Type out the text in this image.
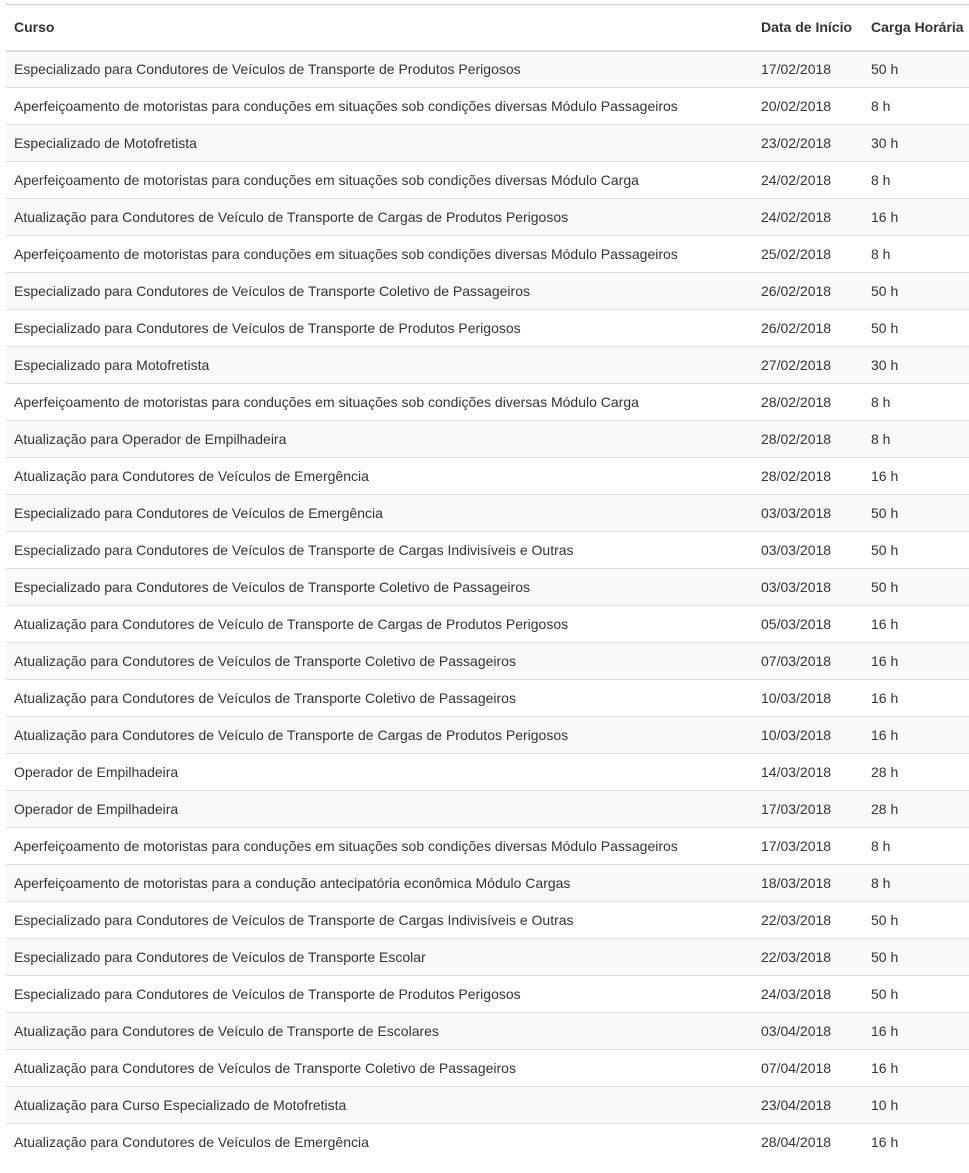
Curso	Data de Início	Carga Horária
Especializado para Condutores de Veículos de Transporte de Produtos Perigosos	17/02/2018	50 h
Aperfeiçoamento de motoristas para conduções em situações sob condições diversas Módulo Passageiros	20/02/2018	8 h
Especializado de Motofretista	23/02/2018	30 h
Aperfeiçoamento de motoristas para conduções em situações sob condições diversas Módulo Carga	24/02/2018	8 h
Atualização para Condutores de Veículo de Transporte de Cargas de Produtos Perigosos	24/02/2018	16 h
Aperfeiçoamento de motoristas para conduções em situações sob condições diversas Módulo Passageiros	25/02/2018	8 h
Especializado para Condutores de Veículos de Transporte Coletivo de Passageiros	26/02/2018	50 h
Especializado para Condutores de Veículos de Transporte de Produtos Perigosos	26/02/2018	50 h
Especializado para Motofretista	27/02/2018	30 h
Aperfeiçoamento de motoristas para conduções em situações sob condições diversas Módulo Carga	28/02/2018	8 h
Atualização para Operador de Empilhadeira	28/02/2018	8 h
Atualização para Condutores de Veículos de Emergência	28/02/2018	16 h
Especializado para Condutores de Veículos de Emergência	03/03/2018	50 h
Especializado para Condutores de Veículos de Transporte de Cargas Indivisíveis e Outras	03/03/2018	50 h
Especializado para Condutores de Veículos de Transporte Coletivo de Passageiros	03/03/2018	50 h
Atualização para Condutores de Veículo de Transporte de Cargas de Produtos Perigosos	05/03/2018	16 h
Atualização para Condutores de Veículos de Transporte Coletivo de Passageiros	07/03/2018	16 h
Atualização para Condutores de Veículos de Transporte Coletivo de Passageiros	10/03/2018	16 h
Atualização para Condutores de Veículo de Transporte de Cargas de Produtos Perigosos	10/03/2018	16 h
Operador de Empilhadeira	14/03/2018	28 h
Operador de Empilhadeira	17/03/2018	28 h
Aperfeiçoamento de motoristas para conduções em situações sob condições diversas Módulo Passageiros	17/03/2018	8 h
Aperfeiçoamento de motoristas para a condução antecipatória econômica Módulo Cargas	18/03/2018	8 h
Especializado para Condutores de Veículos de Transporte de Cargas Indivisíveis e Outras	22/03/2018	50 h
Especializado para Condutores de Veículos de Transporte Escolar	22/03/2018	50 h
Especializado para Condutores de Veículos de Transporte de Produtos Perigosos	24/03/2018	50 h
Atualização para Condutores de Veículo de Transporte de Escolares	03/04/2018	16 h
Atualização para Condutores de Veículos de Transporte Coletivo de Passageiros	07/04/2018	16 h
Atualização para Curso Especializado de Motofretista	23/04/2018	10 h
Atualização para Condutores de Veículos de Emergência	28/04/2018	16 h
